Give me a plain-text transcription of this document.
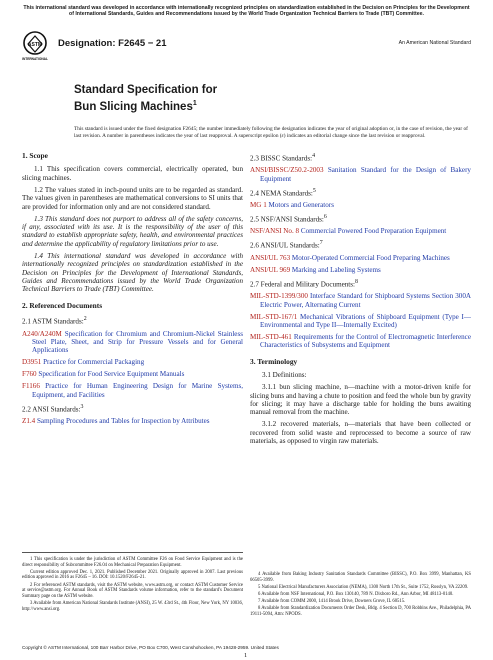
This international standard was developed in accordance with internationally recognized principles on standardization established in the Decision on Principles for the Development of International Standards, Guides and Recommendations issued by the World Trade Organization Technical Barriers to Trade (TBT) Committee.
ASTM
INTERNATIONAL
Designation: F2645 − 21	An American National Standard
Standard Specification for
Bun Slicing Machines$^1$
This standard is issued under the fixed designation F2645; the number immediately following the designation indicates the year of original adoption or, in the case of revision, the year of last revision. A number in parentheses indicates the year of last reapproval. A superscript epsilon (ε) indicates an editorial change since the last revision or reapproval.
1. Scope

1.1 This specification covers commercial, electrically operated, bun slicing machines.

1.2 The values stated in inch-pound units are to be regarded as standard. The values given in parentheses are mathematical conversions to SI units that are provided for information only and are not considered standard.

1.3 This standard does not purport to address all of the safety concerns, if any, associated with its use. It is the responsibility of the user of this standard to establish appropriate safety, health, and environmental practices and determine the applicability of regulatory limitations prior to use.

1.4 This international standard was developed in accordance with internationally recognized principles on standardization established in the Decision on Principles for the Development of International Standards, Guides and Recommendations issued by the World Trade Organization Technical Barriers to Trade (TBT) Committee.

2. Referenced Documents

2.1 ASTM Standards:$^2$

A240/A240M Specification for Chromium and Chromium-Nickel Stainless Steel Plate, Sheet, and Strip for Pressure Vessels and for General Applications

D3951 Practice for Commercial Packaging

F760 Specification for Food Service Equipment Manuals

F1166 Practice for Human Engineering Design for Marine Systems, Equipment, and Facilities

2.2 ANSI Standards:$^3$

Z1.4 Sampling Procedures and Tables for Inspection by Attributes

2.3 BISSC Standards:$^4$

ANSI/BISSC/Z50.2-2003 Sanitation Standard for the Design of Bakery Equipment

2.4 NEMA Standards:$^5$

MG 1 Motors and Generators

2.5 NSF/ANSI Standards:$^6$

NSF/ANSI No. 8 Commercial Powered Food Preparation Equipment

2.6 ANSI/UL Standards:$^7$

ANSI/UL 763 Motor-Operated Commercial Food Preparing Machines

ANSI/UL 969 Marking and Labeling Systems

2.7 Federal and Military Documents:$^8$

MIL-STD-1399/300 Interface Standard for Shipboard Systems Section 300A Electric Power, Alternating Current

MIL-STD-167/1 Mechanical Vibrations of Shipboard Equipment (Type I—Environmental and Type II—Internally Excited)

MIL-STD-461 Requirements for the Control of Electromagnetic Interference Characteristics of Subsystems and Equipment

3. Terminology

3.1 Definitions:

3.1.1 bun slicing machine, n—machine with a motor-driven knife for slicing buns and having a chute to position and feed the whole bun by gravity for slicing; it may have a discharge table for holding the buns awaiting manual removal from the machine.

3.1.2 recovered materials, n—materials that have been collected or recovered from solid waste and reprocessed to become a source of raw materials, as opposed to virgin raw materials.

1 This specification is under the jurisdiction of ASTM Committee F26 on Food Service Equipment and is the direct responsibility of Subcommittee F26.04 on Mechanical Preparation Equipment.

Current edition approved Dec. 1, 2021. Published December 2021. Originally approved in 2007. Last previous edition approved in 2016 as F2645 – 16. DOI: 10.1520/F2645-21.

2 For referenced ASTM standards, visit the ASTM website, www.astm.org, or contact ASTM Customer Service at service@astm.org. For Annual Book of ASTM Standards volume information, refer to the standard's Document Summary page on the ASTM website.

3 Available from American National Standards Institute (ANSI), 25 W. 43rd St., 4th Floor, New York, NY 10036, http://www.ansi.org.

4 Available from Baking Industry Sanitation Standards Committee (BISSC), P.O. Box 3999, Manhattan, KS 66505-3999.

5 National Electrical Manufacturers Association (NEMA), 1300 North 17th St., Suite 1752, Rosslyn, VA 22209.

6 Available from NSF International, P.O. Box 130140, 789 N. Dixboro Rd., Ann Arbor, MI 48113-0140.

7 Available from COMM 2000, 1414 Brook Drive, Downers Grove, IL 60515.

8 Available from Standardization Documents Order Desk, Bldg. 4 Section D, 700 Robbins Ave., Philadelphia, PA 19111-5094, Attn: NPODS.

Copyright © ASTM International, 100 Barr Harbor Drive, PO Box C700, West Conshohocken, PA 19428-2959. United States
1
